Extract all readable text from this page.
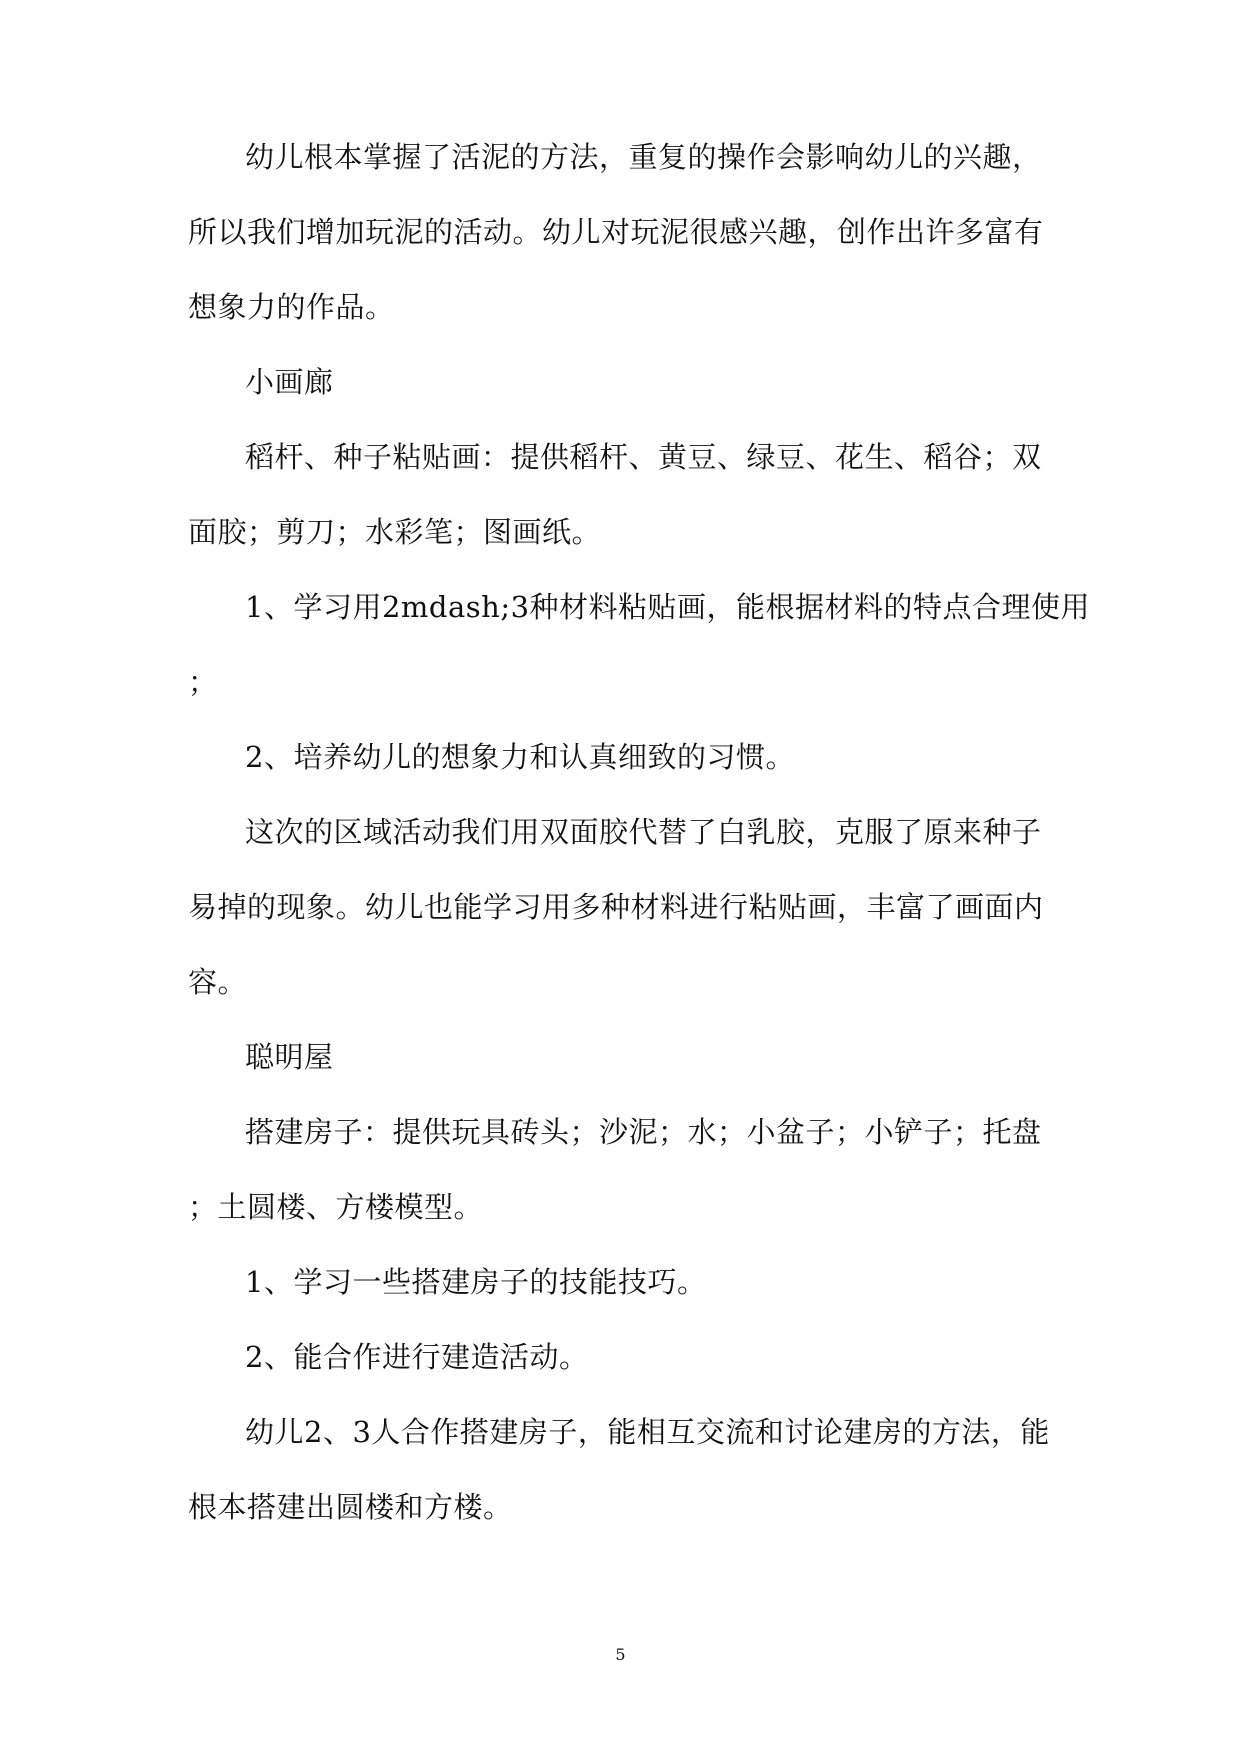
幼儿根本掌握了活泥的方法，重复的操作会影响幼儿的兴趣，
所以我们增加玩泥的活动。幼儿对玩泥很感兴趣，创作出许多富有
想象力的作品。
小画廊
稻杆、种子粘贴画：提供稻杆、黄豆、绿豆、花生、稻谷；双
面胶；剪刀；水彩笔；图画纸。
1、学习用2mdash;3种材料粘贴画，能根据材料的特点合理使用
；
2、培养幼儿的想象力和认真细致的习惯。
这次的区域活动我们用双面胶代替了白乳胶，克服了原来种子
易掉的现象。幼儿也能学习用多种材料进行粘贴画，丰富了画面内
容。
聪明屋
搭建房子：提供玩具砖头；沙泥；水；小盆子；小铲子；托盘
；土圆楼、方楼模型。
1、学习一些搭建房子的技能技巧。
2、能合作进行建造活动。
幼儿2、3人合作搭建房子，能相互交流和讨论建房的方法，能
根本搭建出圆楼和方楼。
5
